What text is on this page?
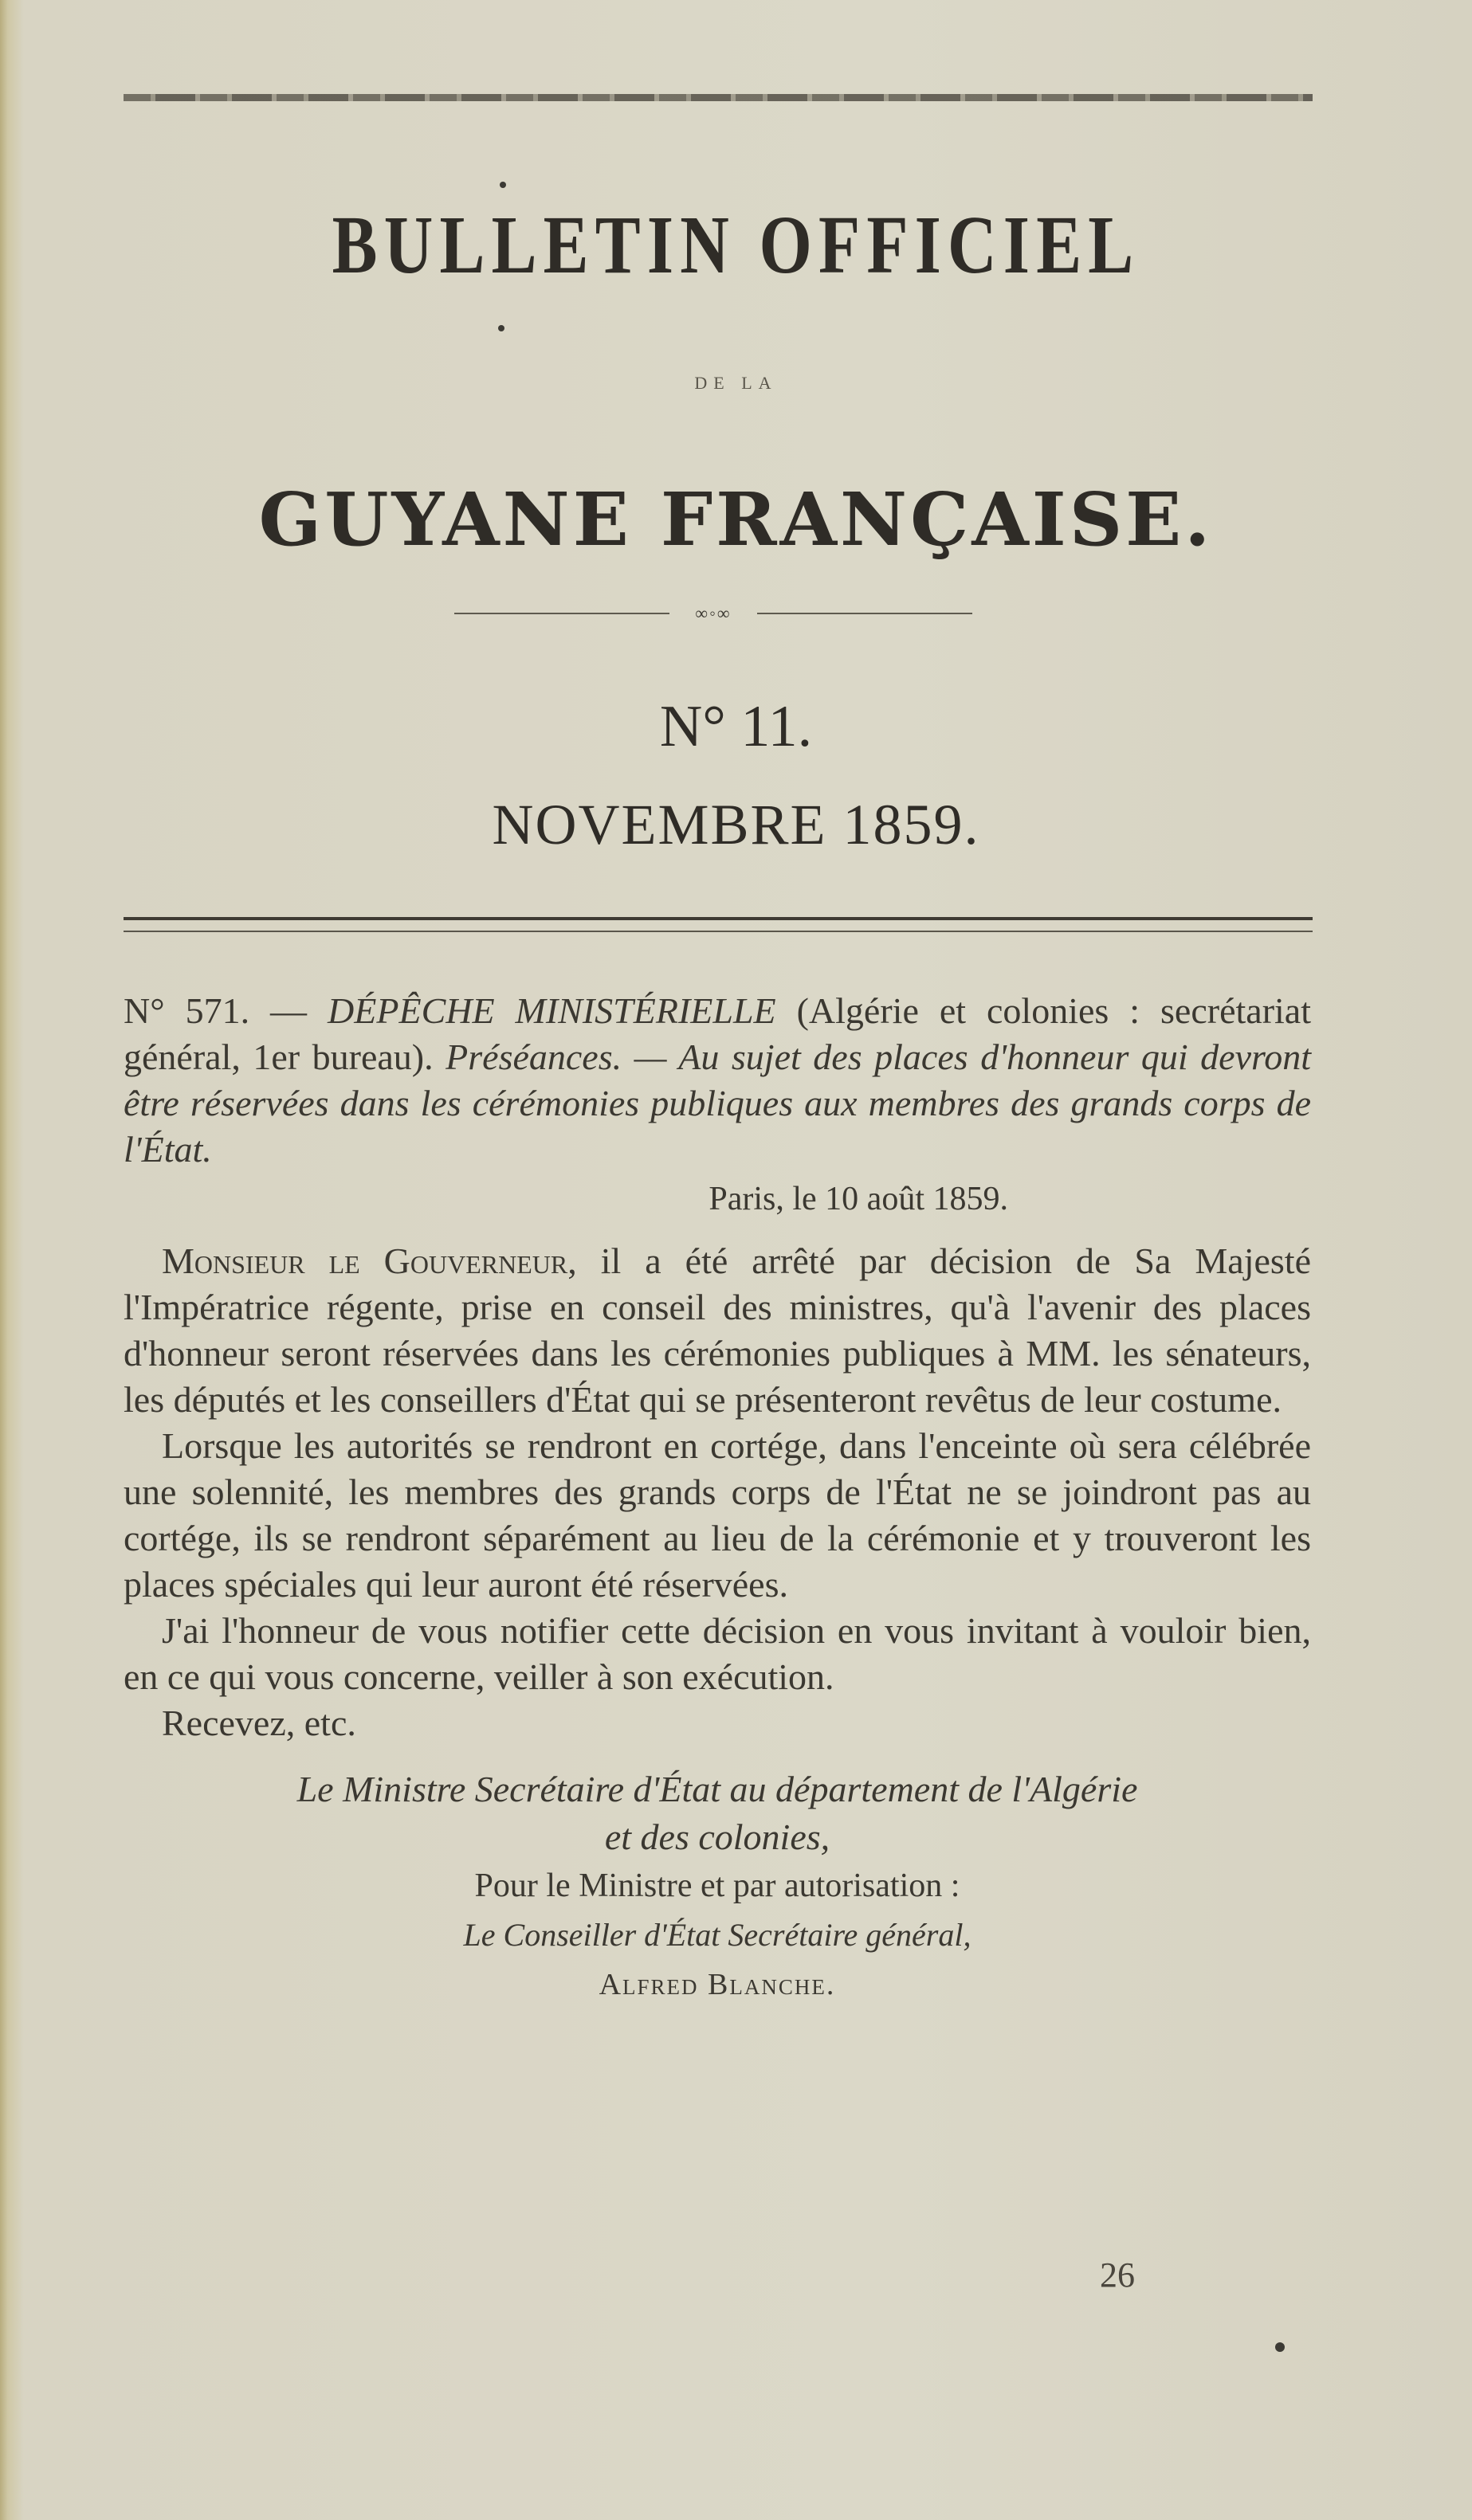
BULLETIN OFFICIEL
DE LA
GUYANE FRANÇAISE.
∞◦∞
N° 11.
NOVEMBRE 1859.

N° 571. — DÉPÊCHE MINISTÉRIELLE (Algérie et colonies : secrétariat général, 1er bureau). Préséances. — Au sujet des places d'honneur qui devront être réservées dans les cérémonies publiques aux membres des grands corps de l'État.

Paris, le 10 août 1859.

Monsieur le Gouverneur, il a été arrêté par décision de Sa Majesté l'Impératrice régente, prise en conseil des ministres, qu'à l'avenir des places d'honneur seront réservées dans les cérémonies publiques à MM. les sénateurs, les députés et les conseillers d'État qui se présenteront revêtus de leur costume.

Lorsque les autorités se rendront en cortége, dans l'enceinte où sera célébrée une solennité, les membres des grands corps de l'État ne se joindront pas au cortége, ils se rendront séparément au lieu de la cérémonie et y trouveront les places spéciales qui leur auront été réservées.

J'ai l'honneur de vous notifier cette décision en vous invitant à vouloir bien, en ce qui vous concerne, veiller à son exécution.

Recevez, etc.

Le Ministre Secrétaire d'État au département de l'Algérie

et des colonies,

Pour le Ministre et par autorisation :

Le Conseiller d'État Secrétaire général,

Alfred Blanche.

26
